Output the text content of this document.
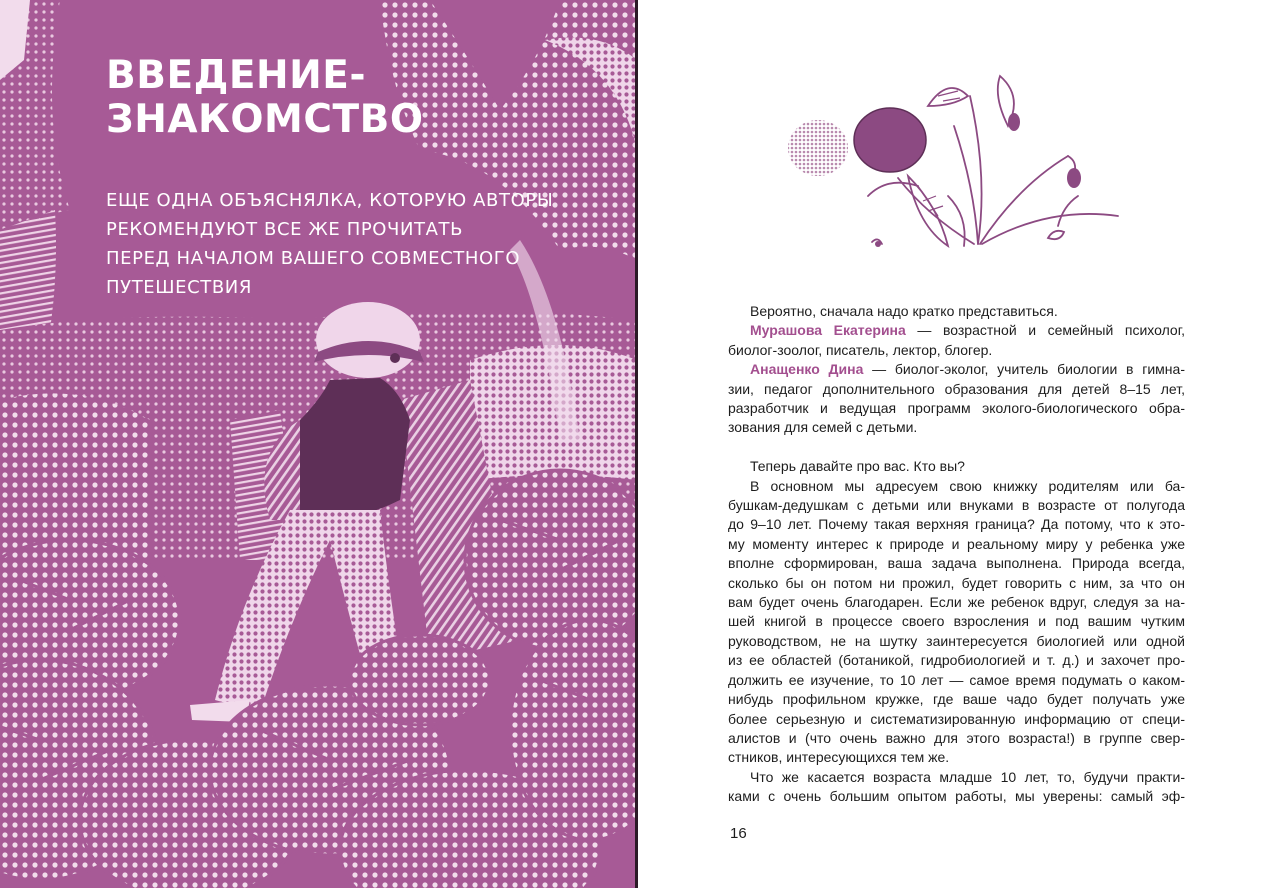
ВВЕДЕНИЕ-
ЗНАКОМСТВО

ЕЩЕ ОДНА ОБЪЯСНЯЛКА, КОТОРУЮ АВТОРЫ
РЕКОМЕНДУЮТ ВСЕ ЖЕ ПРОЧИТАТЬ
ПЕРЕД НАЧАЛОМ ВАШЕГО СОВМЕСТНОГО
ПУТЕШЕСТВИЯ

Вероятно, сначала надо кратко представиться.
Мурашова Екатерина — возрастной и семейный психолог,
биолог-зоолог, писатель, лектор, блогер.
Анащенко Дина — биолог-эколог, учитель биологии в гимна-
зии, педагог дополнительного образования для детей 8–15 лет,
разработчик и ведущая программ эколого-биологического обра-
зования для семей с детьми.
Теперь давайте про вас. Кто вы?
В основном мы адресуем свою книжку родителям или ба-
бушкам-дедушкам с детьми или внуками в возрасте от полугода
до 9–10 лет. Почему такая верхняя граница? Да потому, что к это-
му моменту интерес к природе и реальному миру у ребенка уже
вполне сформирован, ваша задача выполнена. Природа всегда,
сколько бы он потом ни прожил, будет говорить с ним, за что он
вам будет очень благодарен. Если же ребенок вдруг, следуя за на-
шей книгой в процессе своего взросления и под вашим чутким
руководством, не на шутку заинтересуется биологией или одной
из ее областей (ботаникой, гидробиологией и т. д.) и захочет про-
должить ее изучение, то 10 лет — самое время подумать о каком-
нибудь профильном кружке, где ваше чадо будет получать уже
более серьезную и систематизированную информацию от специ-
алистов и (что очень важно для этого возраста!) в группе свер-
стников, интересующихся тем же.
Что же касается возраста младше 10 лет, то, будучи практи-
ками с очень большим опытом работы, мы уверены: самый эф-

16
